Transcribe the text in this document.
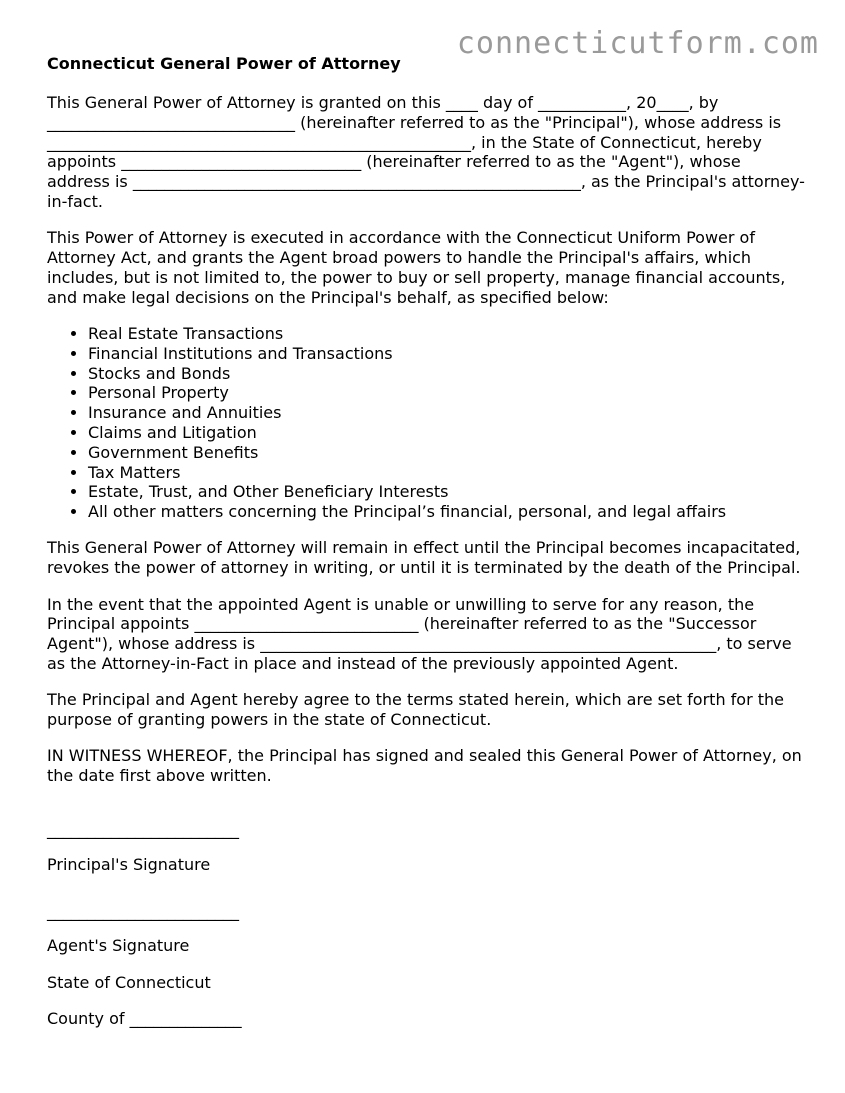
connecticutform.com
Connecticut General Power of Attorney

This General Power of Attorney is granted on this ____ day of ___________, 20____, by _______________________________ (hereinafter referred to as the "Principal"), whose address is _____________________________________________________, in the State of Connecticut, hereby appoints ______________________________ (hereinafter referred to as the "Agent"), whose address is ________________________________________________________, as the Principal's attorney-in-fact.

This Power of Attorney is executed in accordance with the Connecticut Uniform Power of Attorney Act, and grants the Agent broad powers to handle the Principal's affairs, which includes, but is not limited to, the power to buy or sell property, manage financial accounts, and make legal decisions on the Principal's behalf, as specified below:

• Real Estate Transactions
• Financial Institutions and Transactions
• Stocks and Bonds
• Personal Property
• Insurance and Annuities
• Claims and Litigation
• Government Benefits
• Tax Matters
• Estate, Trust, and Other Beneficiary Interests
• All other matters concerning the Principal’s financial, personal, and legal affairs

This General Power of Attorney will remain in effect until the Principal becomes incapacitated, revokes the power of attorney in writing, or until it is terminated by the death of the Principal.

In the event that the appointed Agent is unable or unwilling to serve for any reason, the Principal appoints ____________________________ (hereinafter referred to as the "Successor Agent"), whose address is _________________________________________________________, to serve as the Attorney-in-Fact in place and instead of the previously appointed Agent.

The Principal and Agent hereby agree to the terms stated herein, which are set forth for the purpose of granting powers in the state of Connecticut.

IN WITNESS WHEREOF, the Principal has signed and sealed this General Power of Attorney, on the date first above written.

________________________
Principal's Signature
________________________
Agent's Signature
State of Connecticut
County of ______________
